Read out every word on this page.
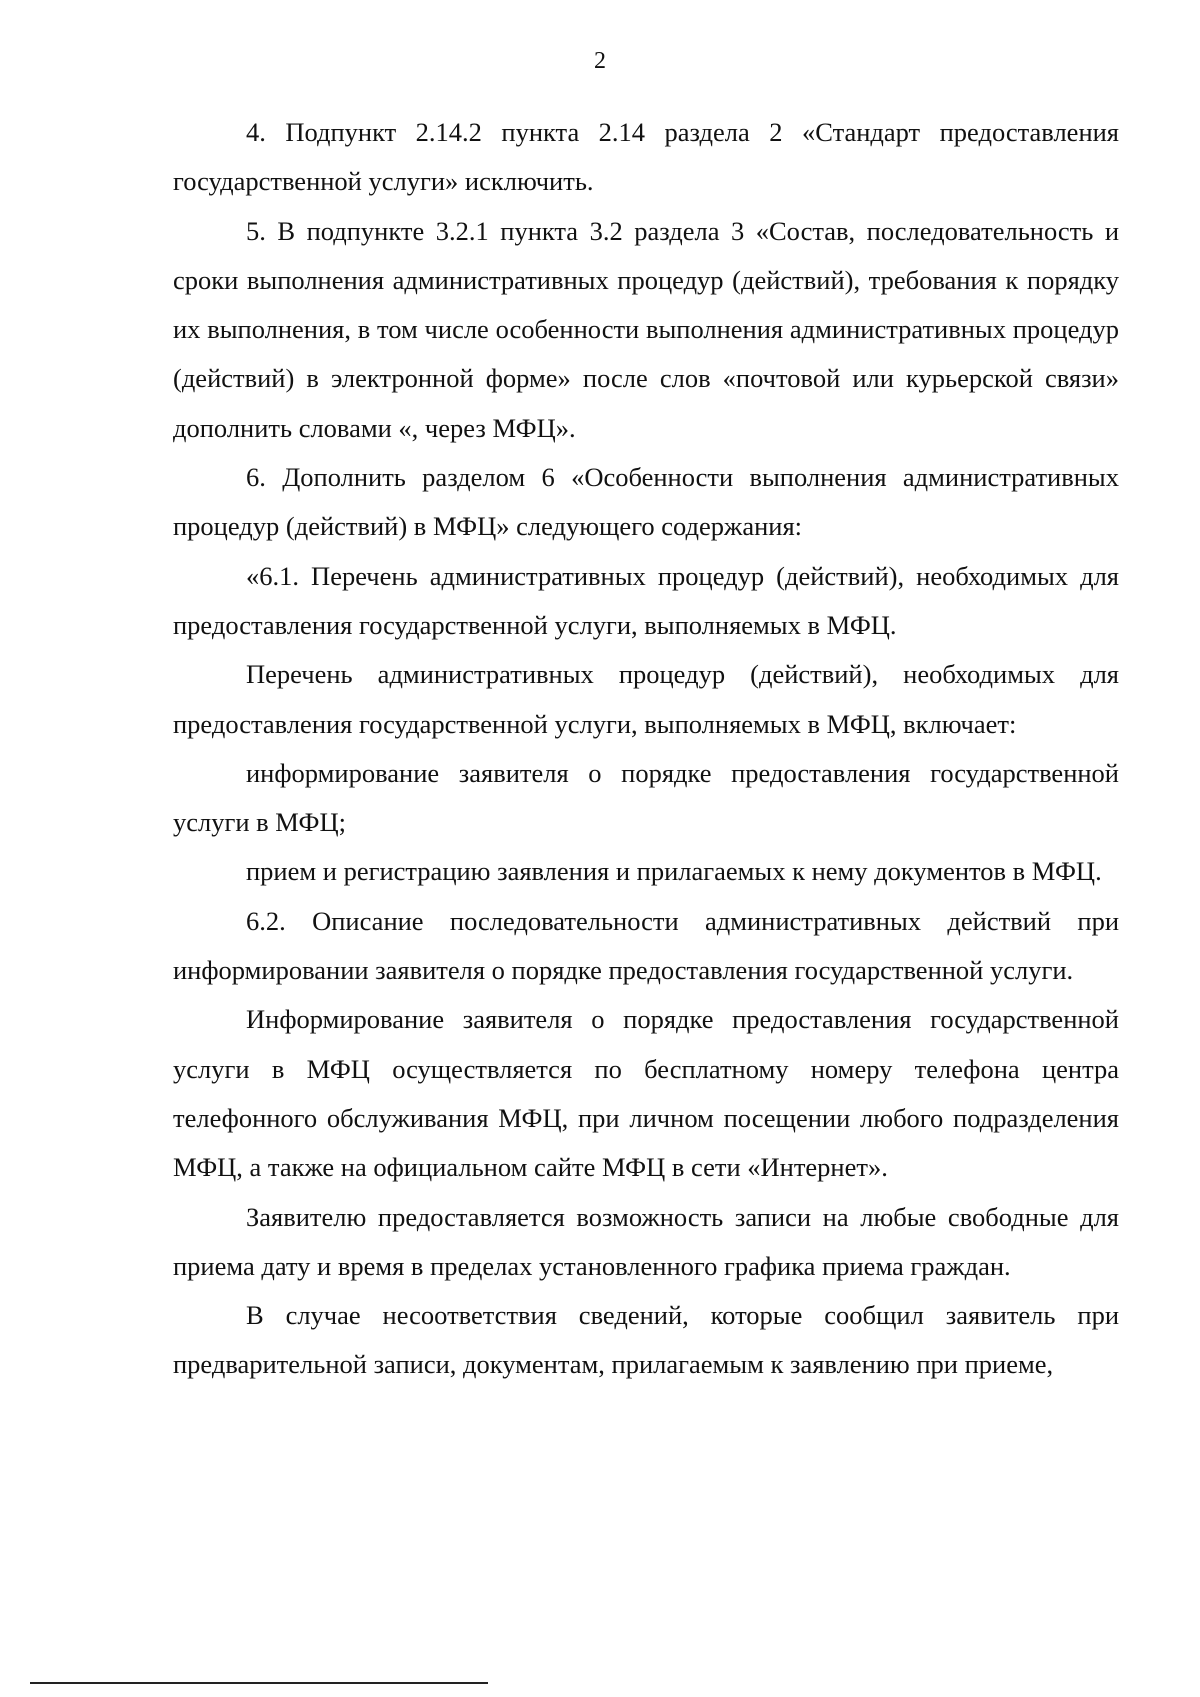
2

4. Подпункт 2.14.2 пункта 2.14 раздела 2 «Стандарт предоставления государственной услуги» исключить.

5. В подпункте 3.2.1 пункта 3.2 раздела 3 «Состав, последовательность и сроки выполнения административных процедур (действий), требования к порядку их выполнения, в том числе особенности выполнения административных процедур (действий) в электронной форме» после слов «почтовой или курьерской связи» дополнить словами «, через МФЦ».

6. Дополнить разделом 6 «Особенности выполнения административных процедур (действий) в МФЦ» следующего содержания:

«6.1. Перечень административных процедур (действий), необходимых для предоставления государственной услуги, выполняемых в МФЦ.

Перечень административных процедур (действий), необходимых для предоставления государственной услуги, выполняемых в МФЦ, включает:

информирование заявителя о порядке предоставления государственной услуги в МФЦ;

прием и регистрацию заявления и прилагаемых к нему документов в МФЦ.

6.2. Описание последовательности административных действий при информировании заявителя о порядке предоставления государственной услуги.

Информирование заявителя о порядке предоставления государственной услуги в МФЦ осуществляется по бесплатному номеру телефона центра телефонного обслуживания МФЦ, при личном посещении любого подразделения МФЦ, а также на официальном сайте МФЦ в сети «Интернет».

Заявителю предоставляется возможность записи на любые свободные для приема дату и время в пределах установленного графика приема граждан.

В случае несоответствия сведений, которые сообщил заявитель при предварительной записи, документам, прилагаемым к заявлению при приеме,
